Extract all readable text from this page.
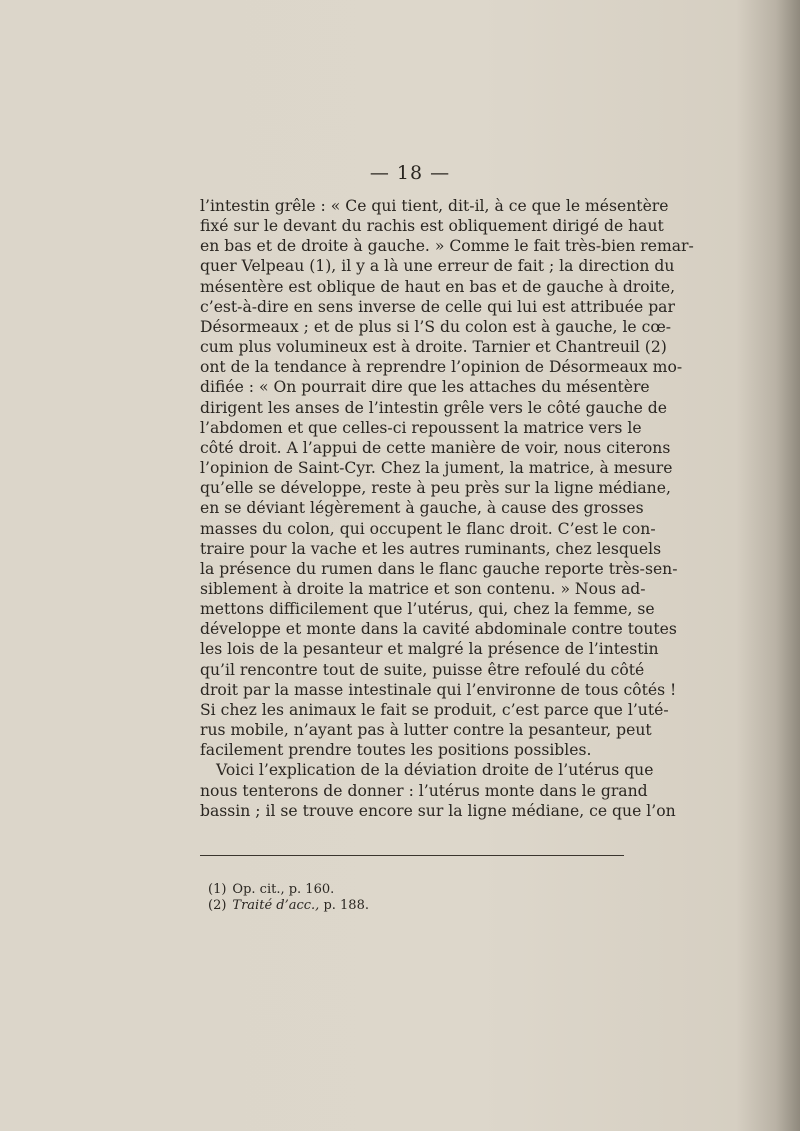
— 18 —
l’intestin grêle : « Ce qui tient, dit-il, à ce que le mésentère
fixé sur le devant du rachis est obliquement dirigé de haut
en bas et de droite à gauche. » Comme le fait très-bien remar-
quer Velpeau (1), il y a là une erreur de fait ; la direction du
mésentère est oblique de haut en bas et de gauche à droite,
c’est-à-dire en sens inverse de celle qui lui est attribuée par
Désormeaux ; et de plus si l’S du colon est à gauche, le cœ-
cum plus volumineux est à droite. Tarnier et Chantreuil (2)
ont de la tendance à reprendre l’opinion de Désormeaux mo-
difiée : « On pourrait dire que les attaches du mésentère
dirigent les anses de l’intestin grêle vers le côté gauche de
l’abdomen et que celles-ci repoussent la matrice vers le
côté droit. A l’appui de cette manière de voir, nous citerons
l’opinion de Saint-Cyr. Chez la jument, la matrice, à mesure
qu’elle se développe, reste à peu près sur la ligne médiane,
en se déviant légèrement à gauche, à cause des grosses
masses du colon, qui occupent le flanc droit. C’est le con-
traire pour la vache et les autres ruminants, chez lesquels
la présence du rumen dans le flanc gauche reporte très-sen-
siblement à droite la matrice et son contenu. » Nous ad-
mettons difficilement que l’utérus, qui, chez la femme, se
développe et monte dans la cavité abdominale contre toutes
les lois de la pesanteur et malgré la présence de l’intestin
qu’il rencontre tout de suite, puisse être refoulé du côté
droit par la masse intestinale qui l’environne de tous côtés !
Si chez les animaux le fait se produit, c’est parce que l’uté-
rus mobile, n’ayant pas à lutter contre la pesanteur, peut
facilement prendre toutes les positions possibles.
Voici l’explication de la déviation droite de l’utérus que
nous tenterons de donner : l’utérus monte dans le grand
bassin ; il se trouve encore sur la ligne médiane, ce que l’on
(1) Op. cit., p. 160.
(2) Traité d’acc., p. 188.
